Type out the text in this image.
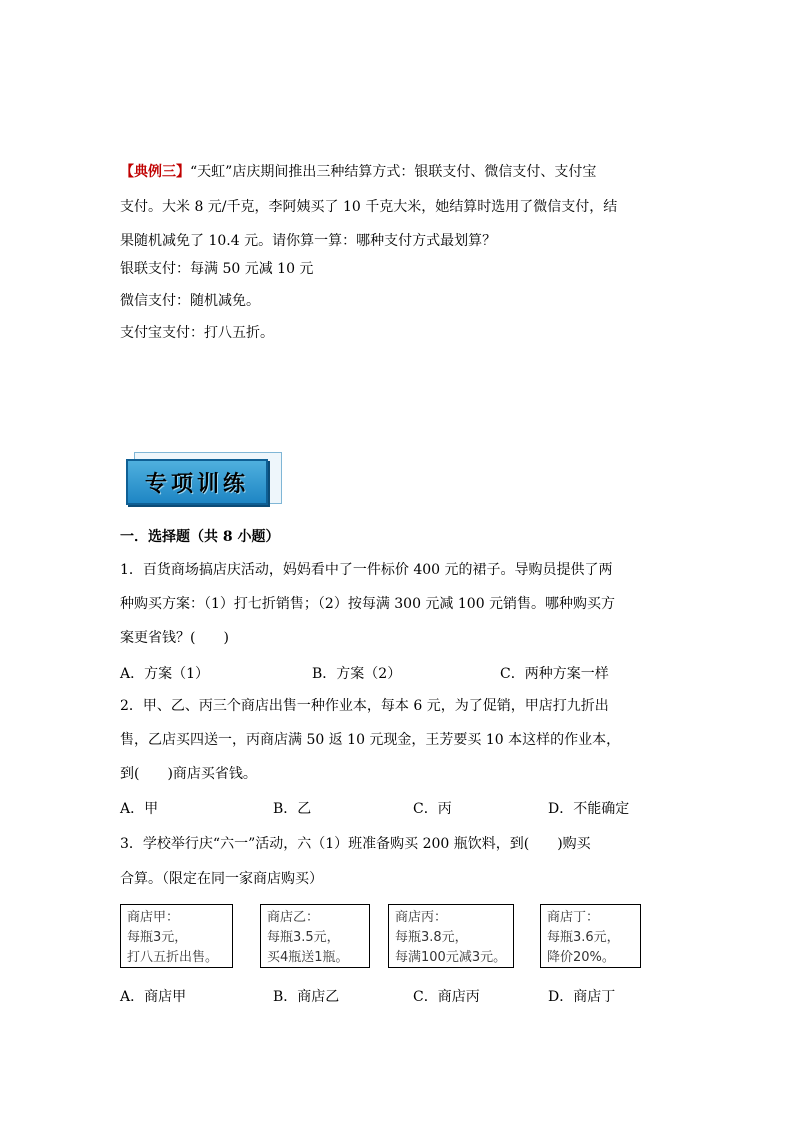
【典例三】“天虹”店庆期间推出三种结算方式：银联支付、微信支付、支付宝
支付。大米 8 元/千克，李阿姨买了 10 千克大米，她结算时选用了微信支付，结
果随机减免了 10.4 元。请你算一算：哪种支付方式最划算？
银联支付：每满 50 元减 10 元
微信支付：随机减免。
支付宝支付：打八五折。
专项训练
一．选择题（共 8 小题）
1．百货商场搞店庆活动，妈妈看中了一件标价 400 元的裙子。导购员提供了两
种购买方案：（1）打七折销售；（2）按每满 300 元减 100 元销售。哪种购买方
案更省钱？(　　)
A．方案（1）	B．方案（2）	C．两种方案一样
2．甲、乙、丙三个商店出售一种作业本，每本 6 元，为了促销，甲店打九折出
售，乙店买四送一，丙商店满 50 返 10 元现金，王芳要买 10 本这样的作业本，
到(　　)商店买省钱。
A．甲	B．乙	C．丙	D．不能确定
3．学校举行庆“六一”活动，六（1）班准备购买 200 瓶饮料，到(　　)购买
合算。（限定在同一家商店购买）
商店甲：
每瓶3元，
打八五折出售。
商店乙：
每瓶3.5元，
买4瓶送1瓶。
商店丙：
每瓶3.8元，
每满100元减3元。
商店丁：
每瓶3.6元，
降价20%。
A．商店甲	B．商店乙	C．商店丙	D．商店丁
